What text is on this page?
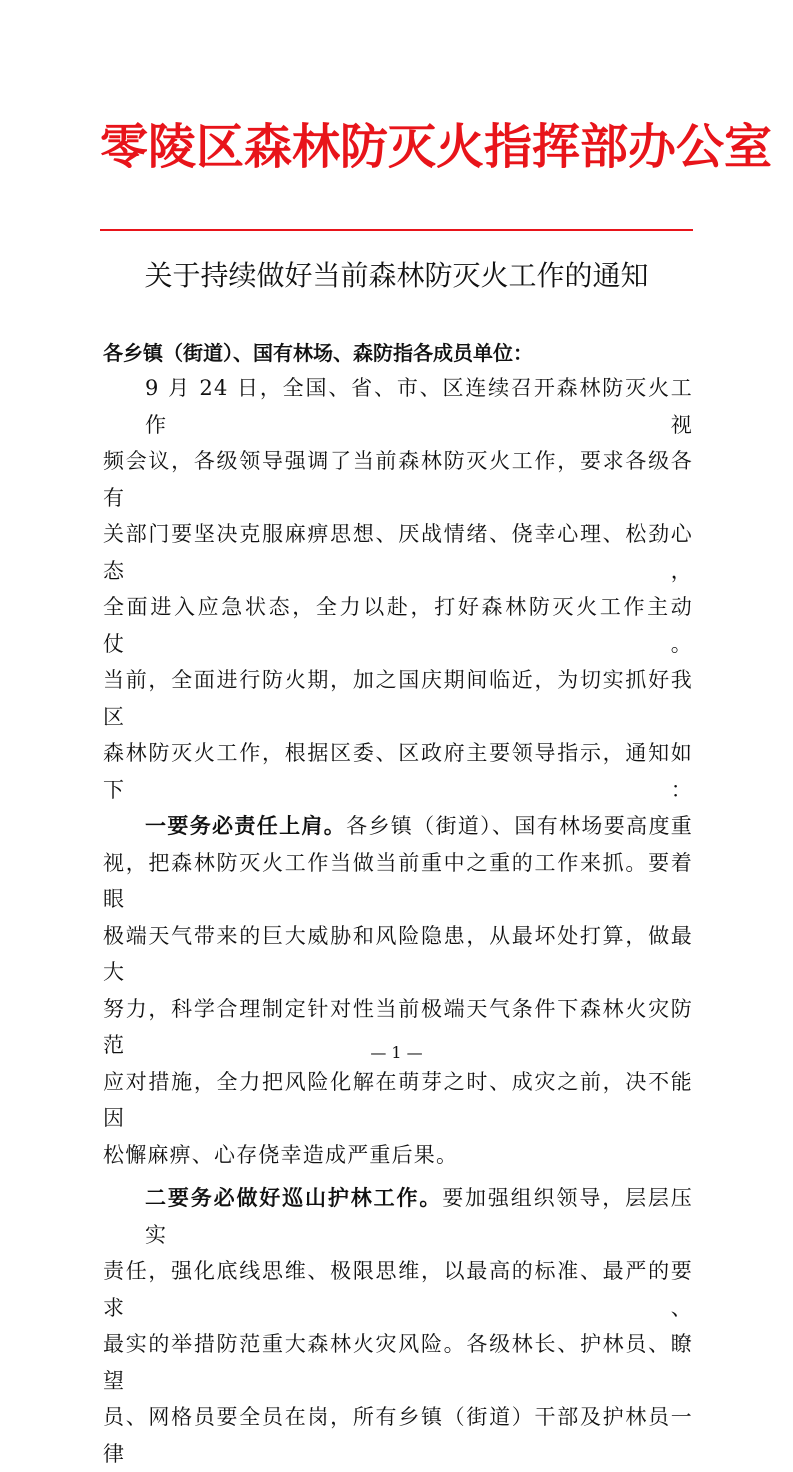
零陵区森林防灭火指挥部办公室
关于持续做好当前森林防灭火工作的通知
各乡镇（街道）、国有林场、森防指各成员单位：
9 月 24 日，全国、省、市、区连续召开森林防灭火工作视
频会议，各级领导强调了当前森林防灭火工作，要求各级各有
关部门要坚决克服麻痹思想、厌战情绪、侥幸心理、松劲心态，
全面进入应急状态，全力以赴，打好森林防灭火工作主动仗。
当前，全面进行防火期，加之国庆期间临近，为切实抓好我区
森林防灭火工作，根据区委、区政府主要领导指示，通知如下：
一要务必责任上肩。各乡镇（街道）、国有林场要高度重
视，把森林防灭火工作当做当前重中之重的工作来抓。要着眼
极端天气带来的巨大威胁和风险隐患，从最坏处打算，做最大
努力，科学合理制定针对性当前极端天气条件下森林火灾防范
应对措施，全力把风险化解在萌芽之时、成灾之前，决不能因
松懈麻痹、心存侥幸造成严重后果。
二要务必做好巡山护林工作。要加强组织领导，层层压实
责任，强化底线思维、极限思维，以最高的标准、最严的要求、
最实的举措防范重大森林火灾风险。各级林长、护林员、瞭望
员、网格员要全员在岗，所有乡镇（街道）干部及护林员一律
— 1 —
